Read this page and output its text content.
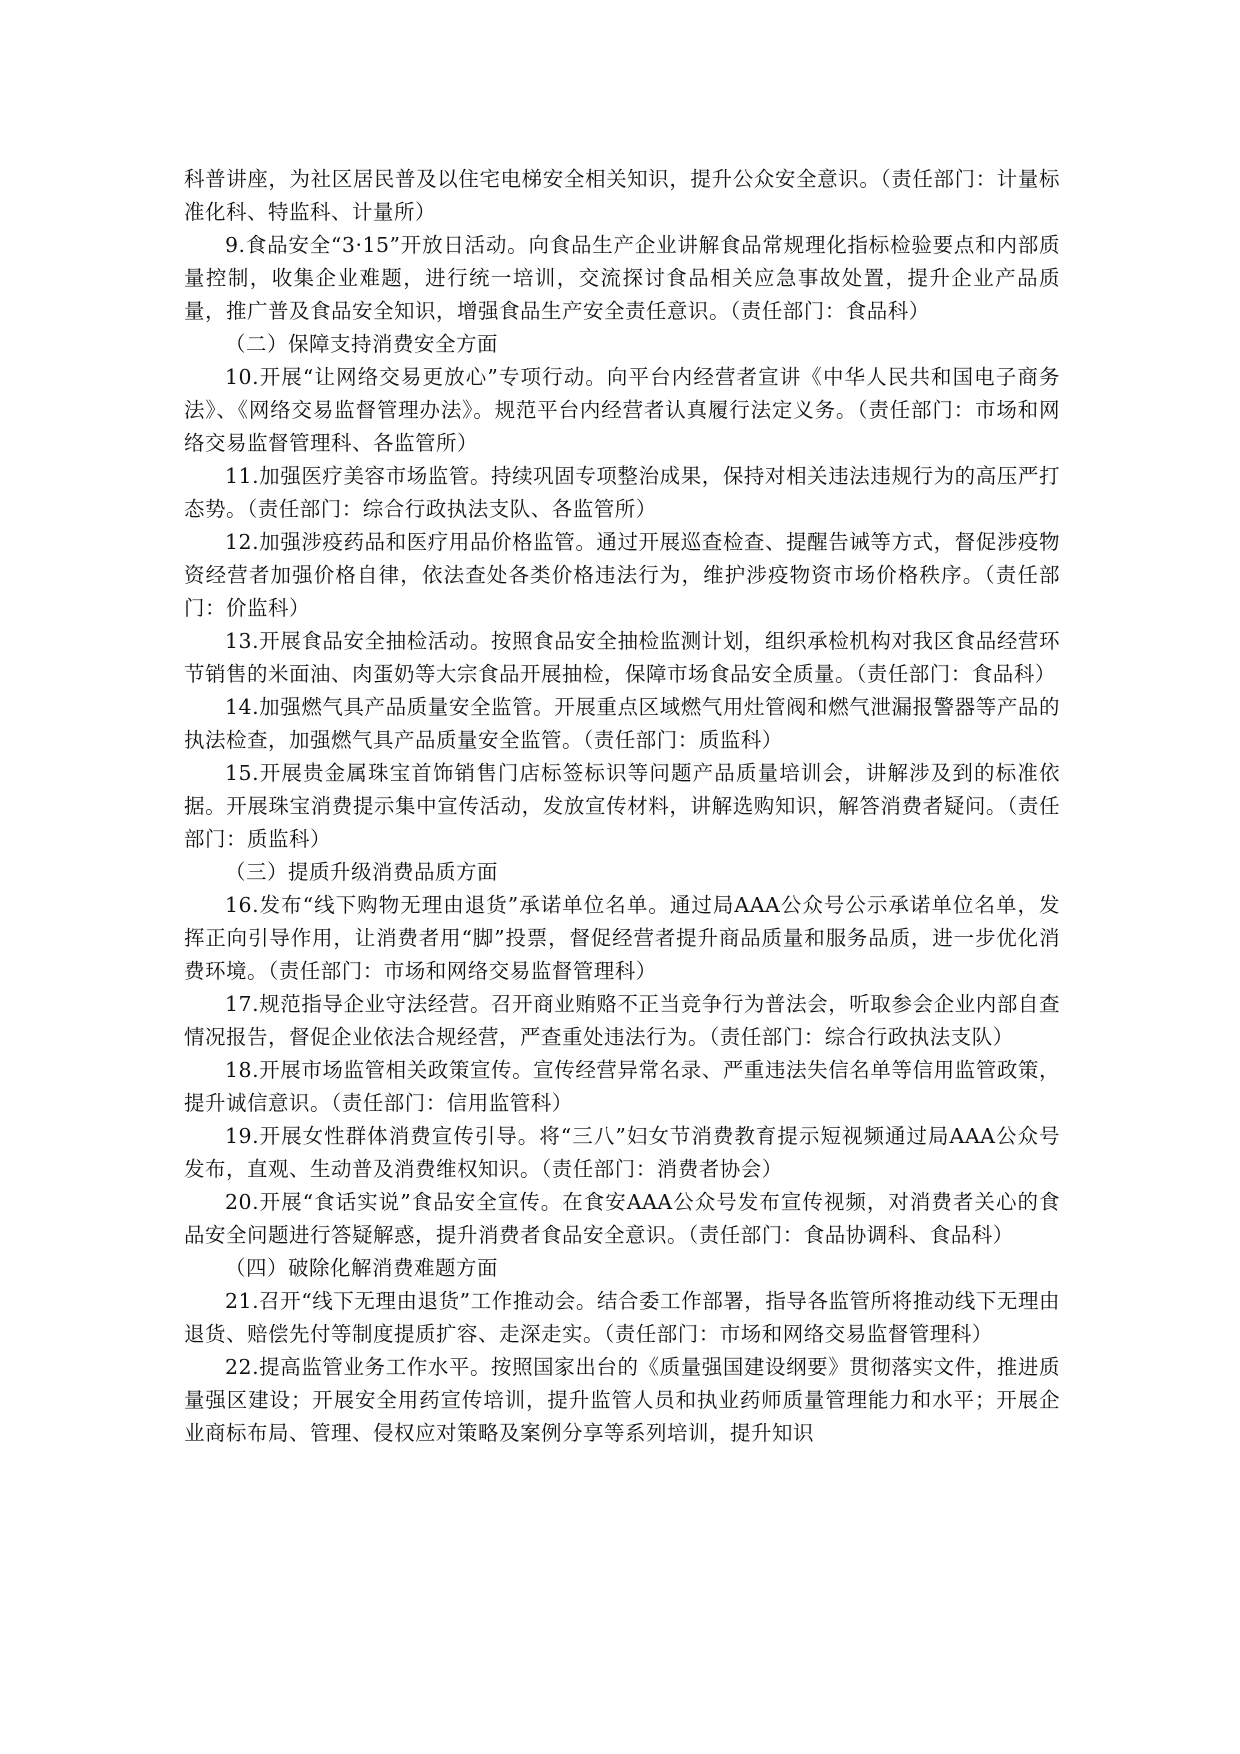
科普讲座，为社区居民普及以住宅电梯安全相关知识，提升公众安全意识。（责任部门：计量标准化科、特监科、计量所）

9.食品安全“3·15”开放日活动。向食品生产企业讲解食品常规理化指标检验要点和内部质量控制，收集企业难题，进行统一培训，交流探讨食品相关应急事故处置，提升企业产品质量，推广普及食品安全知识，增强食品生产安全责任意识。（责任部门：食品科）

（二）保障支持消费安全方面

10.开展“让网络交易更放心”专项行动。向平台内经营者宣讲《中华人民共和国电子商务法》、《网络交易监督管理办法》。规范平台内经营者认真履行法定义务。（责任部门：市场和网络交易监督管理科、各监管所）

11.加强医疗美容市场监管。持续巩固专项整治成果，保持对相关违法违规行为的高压严打态势。（责任部门：综合行政执法支队、各监管所）

12.加强涉疫药品和医疗用品价格监管。通过开展巡查检查、提醒告诫等方式，督促涉疫物资经营者加强价格自律，依法查处各类价格违法行为，维护涉疫物资市场价格秩序。（责任部门：价监科）

13.开展食品安全抽检活动。按照食品安全抽检监测计划，组织承检机构对我区食品经营环节销售的米面油、肉蛋奶等大宗食品开展抽检，保障市场食品安全质量。（责任部门：食品科）

14.加强燃气具产品质量安全监管。开展重点区域燃气用灶管阀和燃气泄漏报警器等产品的执法检查，加强燃气具产品质量安全监管。（责任部门：质监科）

15.开展贵金属珠宝首饰销售门店标签标识等问题产品质量培训会，讲解涉及到的标准依据。开展珠宝消费提示集中宣传活动，发放宣传材料，讲解选购知识，解答消费者疑问。（责任部门：质监科）

（三）提质升级消费品质方面

16.发布“线下购物无理由退货”承诺单位名单。通过局AAA公众号公示承诺单位名单，发挥正向引导作用，让消费者用“脚”投票，督促经营者提升商品质量和服务品质，进一步优化消费环境。（责任部门：市场和网络交易监督管理科）

17.规范指导企业守法经营。召开商业贿赂不正当竞争行为普法会，听取参会企业内部自查情况报告，督促企业依法合规经营，严查重处违法行为。（责任部门：综合行政执法支队）

18.开展市场监管相关政策宣传。宣传经营异常名录、严重违法失信名单等信用监管政策，提升诚信意识。（责任部门：信用监管科）

19.开展女性群体消费宣传引导。将“三八”妇女节消费教育提示短视频通过局AAA公众号发布，直观、生动普及消费维权知识。（责任部门：消费者协会）

20.开展“食话实说”食品安全宣传。在食安AAA公众号发布宣传视频，对消费者关心的食品安全问题进行答疑解惑，提升消费者食品安全意识。（责任部门：食品协调科、食品科）

（四）破除化解消费难题方面

21.召开“线下无理由退货”工作推动会。结合委工作部署，指导各监管所将推动线下无理由退货、赔偿先付等制度提质扩容、走深走实。（责任部门：市场和网络交易监督管理科）

22.提高监管业务工作水平。按照国家出台的《质量强国建设纲要》贯彻落实文件，推进质量强区建设；开展安全用药宣传培训，提升监管人员和执业药师质量管理能力和水平；开展企业商标布局、管理、侵权应对策略及案例分享等系列培训，提升知识
